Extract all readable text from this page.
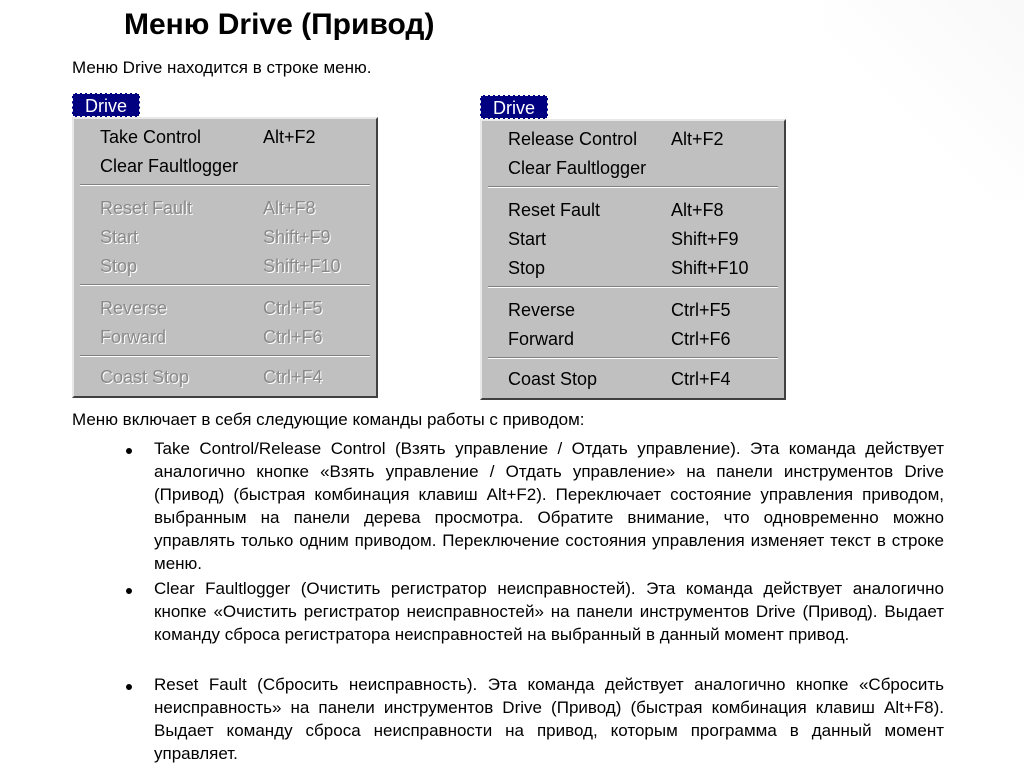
Меню Drive (Привод)
Меню Drive находится в строке меню.
Drive
Take Control	Alt+F2
Clear Faultlogger
Reset Fault	Alt+F8
Start	Shift+F9
Stop	Shift+F10
Reverse	Ctrl+F5
Forward	Ctrl+F6
Coast Stop	Ctrl+F4
Drive
Release Control Alt+F2
Clear Faultlogger
Reset Fault	Alt+F8
Start	Shift+F9
Stop	Shift+F10
Reverse	Ctrl+F5
Forward	Ctrl+F6
Coast Stop	Ctrl+F4
Меню включает в себя следующие команды работы с приводом:
Take Control/Release Control (Взять управление / Отдать управление). Эта команда действует аналогично кнопке «Взять управление / Отдать управление» на панели инструментов Drive (Привод) (быстрая комбинация клавиш Alt+F2). Переключает состояние управления приводом, выбранным на панели дерева просмотра. Обратите внимание, что одновременно можно управлять только одним приводом. Переключение состояния управления изменяет текст в строке меню.
Clear Faultlogger (Очистить регистратор неисправностей). Эта команда действует аналогично кнопке «Очистить регистратор неисправностей» на панели инструментов Drive (Привод). Выдает команду сброса регистратора неисправностей на выбранный в данный момент привод.
Reset Fault (Сбросить неисправность). Эта команда действует аналогично кнопке «Сбросить неисправность» на панели инструментов Drive (Привод) (быстрая комбинация клавиш Alt+F8). Выдает команду сброса неисправности на привод, которым программа в данный момент управляет.
